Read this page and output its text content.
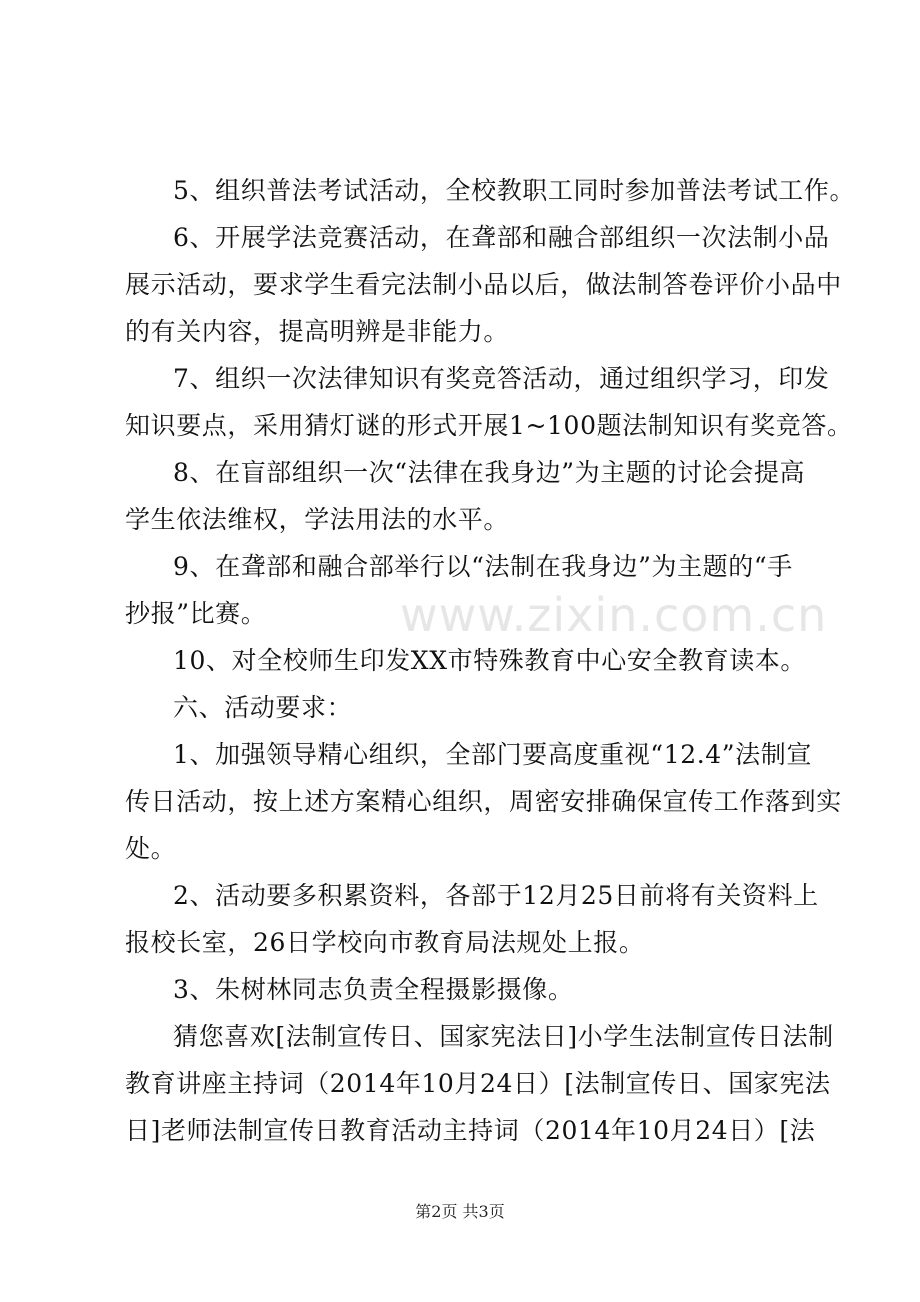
www.zixin.com.cn
5、组织普法考试活动，全校教职工同时参加普法考试工作。
6、开展学法竞赛活动，在聋部和融合部组织一次法制小品
展示活动，要求学生看完法制小品以后，做法制答卷评价小品中
的有关内容，提高明辨是非能力。
7、组织一次法律知识有奖竞答活动，通过组织学习，印发
知识要点，采用猜灯谜的形式开展1~100题法制知识有奖竞答。
8、在盲部组织一次“法律在我身边”为主题的讨论会提高
学生依法维权，学法用法的水平。
9、在聋部和融合部举行以“法制在我身边”为主题的“手
抄报”比赛。
10、对全校师生印发XX市特殊教育中心安全教育读本。
六、活动要求：
1、加强领导精心组织，全部门要高度重视“12.4”法制宣
传日活动，按上述方案精心组织，周密安排确保宣传工作落到实
处。
2、活动要多积累资料，各部于12月25日前将有关资料上
报校长室，26日学校向市教育局法规处上报。
3、朱树林同志负责全程摄影摄像。
猜您喜欢[法制宣传日、国家宪法日]小学生法制宣传日法制
教育讲座主持词（2014年10月24日）[法制宣传日、国家宪法
日]老师法制宣传日教育活动主持词（2014年10月24日）[法
第2页 共3页
